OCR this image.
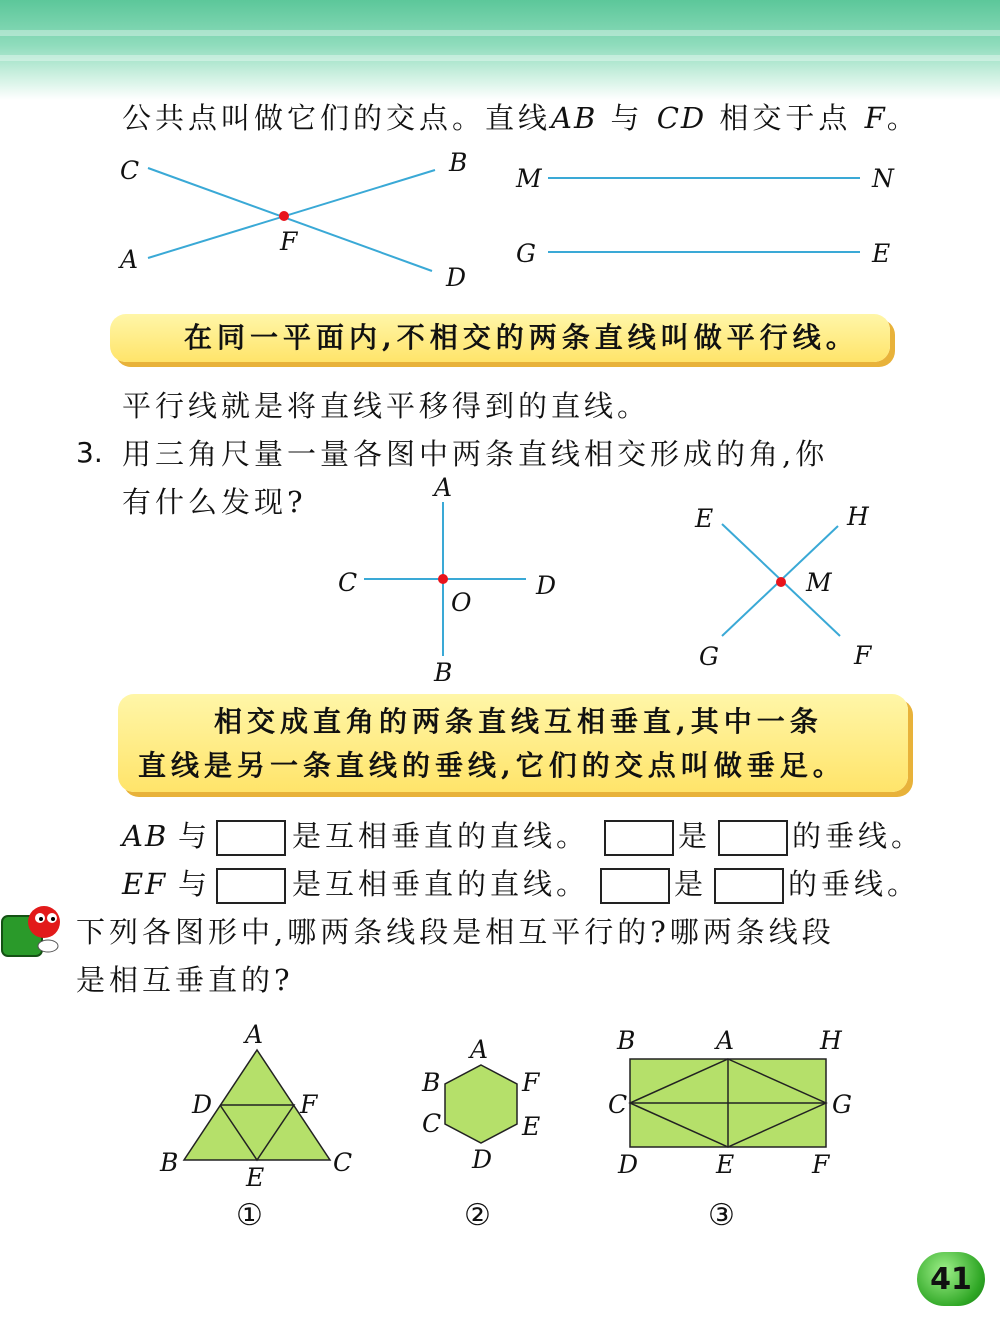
公共点叫做它们的交点。直线AB 与 CD 相交于点 F。
C	B
A
F
D
M	N
G	E
在同一平面内,不相交的两条直线叫做平行线。
平行线就是将直线平移得到的直线。
3. 用三角尺量一量各图中两条直线相交形成的角,你
有什么发现?	A
C
O
D
B
E	H
M
G	F
相交成直角的两条直线互相垂直,其中一条
直线是另一条直线的垂线,它们的交点叫做垂足。
AB 与	是互相垂直的直线。	是	的垂线。
EF 与	是互相垂直的直线。	是	的垂线。
下列各图形中,哪两条线段是相互平行的?哪两条线段
是相互垂直的?
A
D	F
B
E
C
①
A
B	F
C	E
D
②
B	A	H
C	G
D	E	F
③
41
